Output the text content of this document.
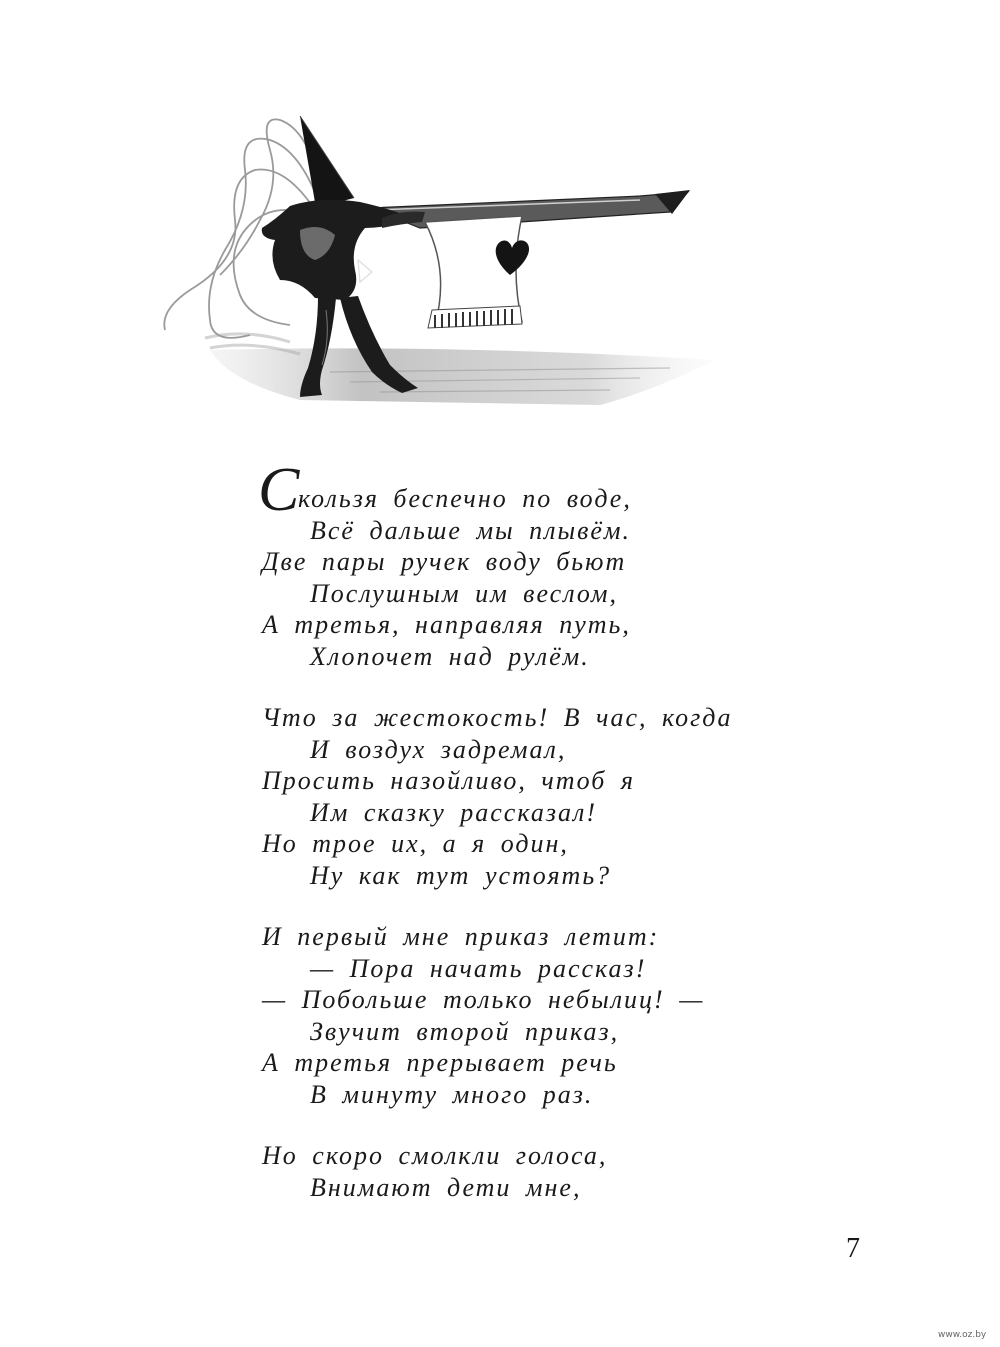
С
кользя беспечно по воде,
Всё дальше мы плывём.
Две пары ручек воду бьют
Послушным им веслом,
А третья, направляя путь,
Хлопочет над рулём.
Что за жестокость! В час, когда
И воздух задремал,
Просить назойливо, чтоб я
Им сказку рассказал!
Но трое их, а я один,
Ну как тут устоять?
И первый мне приказ летит:
— Пора начать рассказ!
— Побольше только небылиц! —
Звучит второй приказ,
А третья прерывает речь
В минуту много раз.
Но скоро смолкли голоса,
Внимают дети мне,
7
www.oz.by
